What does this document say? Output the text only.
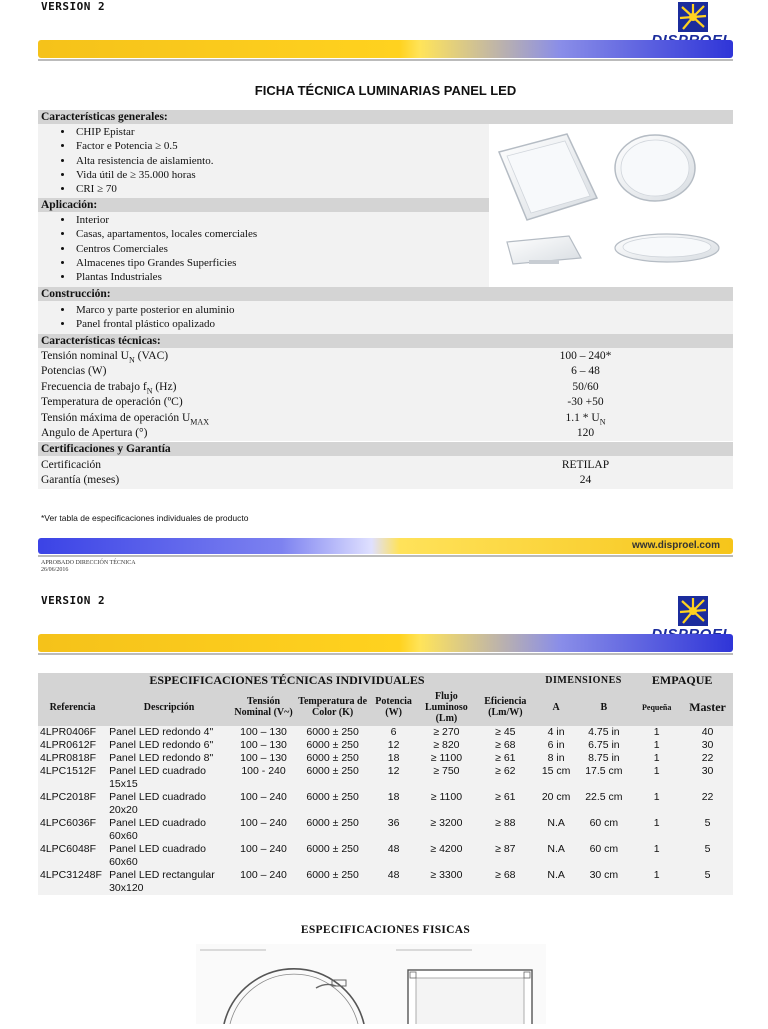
VERSION 2
FICHA TÉCNICA LUMINARIAS PANEL LED
Características generales:
• CHIP Epistar
• Factor e Potencia ≥ 0.5
• Alta resistencia de aislamiento.
• Vida útil de ≥ 35.000 horas
• CRI ≥ 70
Aplicación:
• Interior
• Casas, apartamentos, locales comerciales
• Centros Comerciales
• Almacenes tipo Grandes Superficies
• Plantas Industriales
Construcción:
• Marco y parte posterior en aluminio
• Panel frontal plástico opalizado
Características técnicas:
Tensión nominal $U_N$ (VAC)	100 – 240*
Potencias (W)	6 – 48
Frecuencia de trabajo $f_N$ (Hz)	50/60
Temperatura de operación (ºC)	-30 +50
Tensión máxima de operación $U_{MAX}$	$1.1 * U_N$
Angulo de Apertura (°)	120
Certificaciones y Garantía
Certificación	RETILAP
Garantía (meses)	24
*Ver tabla de especificaciones individuales de producto
www.disproel.com
APROBADO DIRECCIÓN TÉCNICA
26/06/2016
VERSION 2
ESPECIFICACIONES TÉCNICAS INDIVIDUALES							DIMENSIONES		EMPAQUE	
Referencia	Descripción	Tensión Nominal (V~)	Temperatura de Color (K)	Potencia (W)	Flujo Luminoso (Lm)	Eficiencia (Lm/W)	A	B	Pequeña	Master
4LPR0406F	Panel LED redondo 4"	100 – 130	6000 ± 250	6	≥ 270	≥ 45	4 in	4.75 in	1	40
4LPR0612F	Panel LED redondo 6"	100 – 130	6000 ± 250	12	≥ 820	≥ 68	6 in	6.75 in	1	30
4LPR0818F	Panel LED redondo 8"	100 – 130	6000 ± 250	18	≥ 1100	≥ 61	8 in	8.75 in	1	22
4LPC1512F	Panel LED cuadrado 15x15	100 - 240	6000 ± 250	12	≥ 750	≥ 62	15 cm	17.5 cm	1	30
4LPC2018F	Panel LED cuadrado 20x20	100 – 240	6000 ± 250	18	≥ 1100	≥ 61	20 cm	22.5 cm	1	22
4LPC6036F	Panel LED cuadrado 60x60	100 – 240	6000 ± 250	36	≥ 3200	≥ 88	N.A	60 cm	1	5
4LPC6048F	Panel LED cuadrado 60x60	100 – 240	6000 ± 250	48	≥ 4200	≥ 87	N.A	60 cm	1	5
4LPC31248F	Panel LED rectangular 30x120	100 – 240	6000 ± 250	48	≥ 3300	≥ 68	N.A	30 cm	1	5
ESPECIFICACIONES FISICAS
